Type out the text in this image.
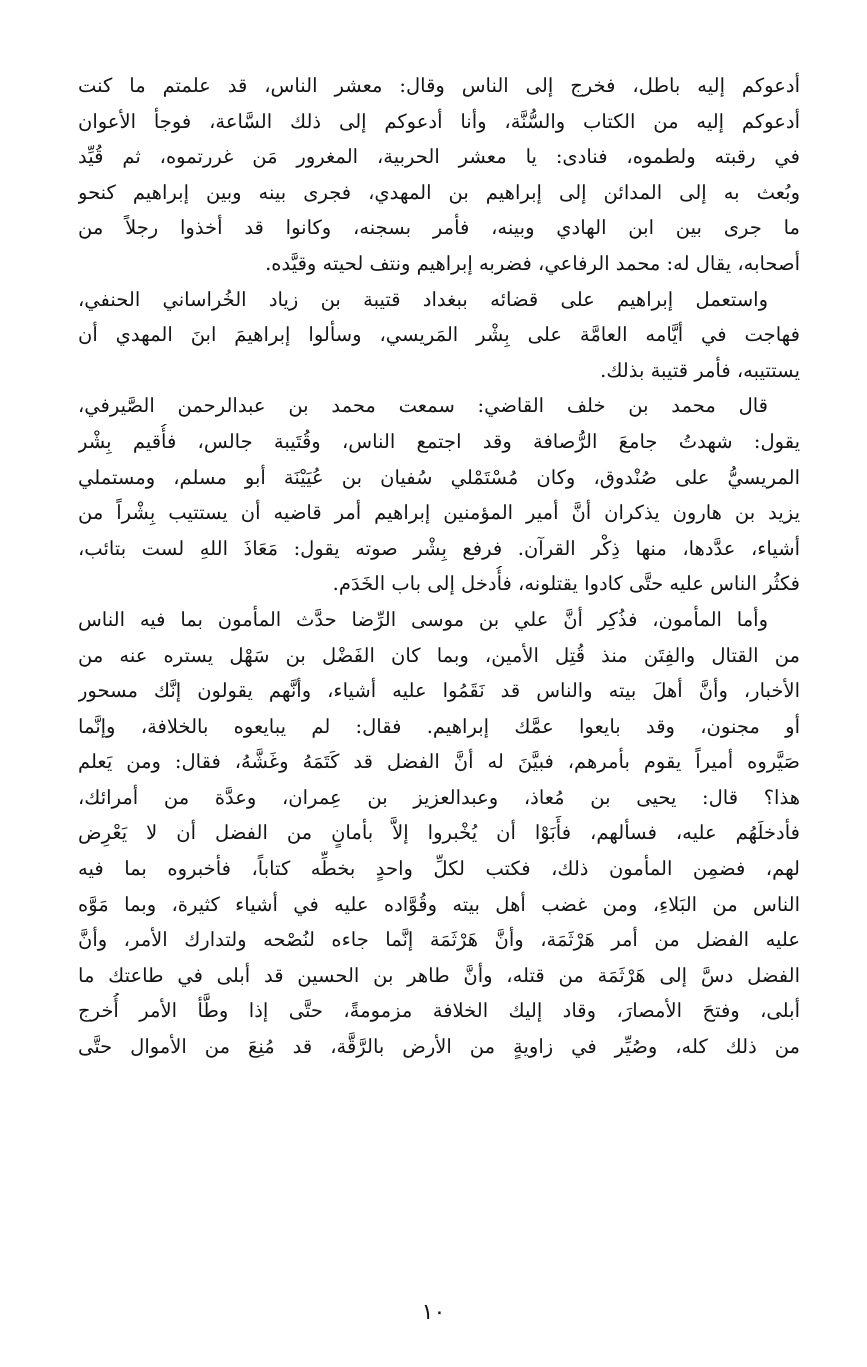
أدعوكم إليه باطل، فخرج إلى الناس وقال: معشر الناس، قد علمتم ما كنت
أدعوكم إليه من الكتاب والسُّنَّة، وأنا أدعوكم إلى ذلك السَّاعة، فوجأ الأعوان
في رقبته ولطموه، فنادى: يا معشر الحربية، المغرور مَن غررتموه، ثم قُيِّد
وبُعث به إلى المدائن إلى إبراهيم بن المهدي، فجرى بينه وبين إبراهيم كنحو
ما جرى بين ابن الهادي وبينه، فأمر بسجنه، وكانوا قد أخذوا رجلاً من
أصحابه، يقال له: محمد الرفاعي، فضربه إبراهيم ونتف لحيته وقيَّده.
واستعمل إبراهيم على قضائه ببغداد قتيبة بن زياد الخُراساني الحنفي،
فهاجت في أيَّامه العامَّة على بِشْر المَريسي، وسألوا إبراهيمَ ابنَ المهدي أن
يستتيبه، فأمر قتيبة بذلك.
قال محمد بن خلف القاضي: سمعت محمد بن عبدالرحمن الصَّيرفي،
يقول: شهدتُ جامعَ الرُّصافة وقد اجتمع الناس، وقُتَيبة جالس، فأُقيم بِشْر
المريسيُّ على صُنْدوق، وكان مُسْتَمْلي سُفيان بن عُيَيْنَة أبو مسلم، ومستملي
يزيد بن هارون يذكران أنَّ أمير المؤمنين إبراهيم أمر قاضيه أن يستتيب بِشْراً من
أشياء، عدَّدها، منها ذِكْر القرآن. فرفع بِشْر صوته يقول: مَعَاذَ اللهِ لست بتائب،
فكثُر الناس عليه حتَّى كادوا يقتلونه، فأُدخل إلى باب الخَدَم.
وأما المأمون، فذُكِر أنَّ علي بن موسى الرِّضا حدَّث المأمون بما فيه الناس
من القتال والفِتَن منذ قُتِل الأمين، وبما كان الفَضْل بن سَهْل يستره عنه من
الأخبار، وأنَّ أهلَ بيته والناس قد نَقَمُوا عليه أشياء، وأنَّهم يقولون إنَّك مسحور
أو مجنون، وقد بايعوا عمَّك إبراهيم. فقال: لم يبايعوه بالخلافة، وإنَّما
صَيَّروه أميراً يقوم بأمرهم، فبيَّنَ له أنَّ الفضل قد كَتَمَهُ وغَشَّهُ، فقال: ومن يَعلم
هذا؟ قال: يحيى بن مُعاذ، وعبدالعزيز بن عِمران، وعدَّة من أمرائك،
فأدخلَهُم عليه، فسألهم، فأَبَوْا أن يُخْبروا إلاَّ بأمانٍ من الفضل أن لا يَعْرِض
لهم، فضمِن المأمون ذلك، فكتب لكلِّ واحدٍ بخطِّه كتاباً، فأخبروه بما فيه
الناس من البَلاءِ، ومن غضب أهل بيته وقُوَّاده عليه في أشياء كثيرة، وبما مَوَّه
عليه الفضل من أمر هَرْثَمَة، وأنَّ هَرْثَمَة إنَّما جاءه لنُصْحه ولتدارك الأمر، وأنَّ
الفضل دسَّ إلى هَرْثَمَة من قتله، وأنَّ طاهر بن الحسين قد أبلى في طاعتك ما
أبلى، وفتحَ الأمصارَ، وقاد إليك الخلافة مزمومةً، حتَّى إذا وطَّأ الأمر أُخرج
من ذلك كله، وصُيِّر في زاويةٍ من الأرض بالرَّقَّة، قد مُنِعَ من الأموال حتَّى
١٠
